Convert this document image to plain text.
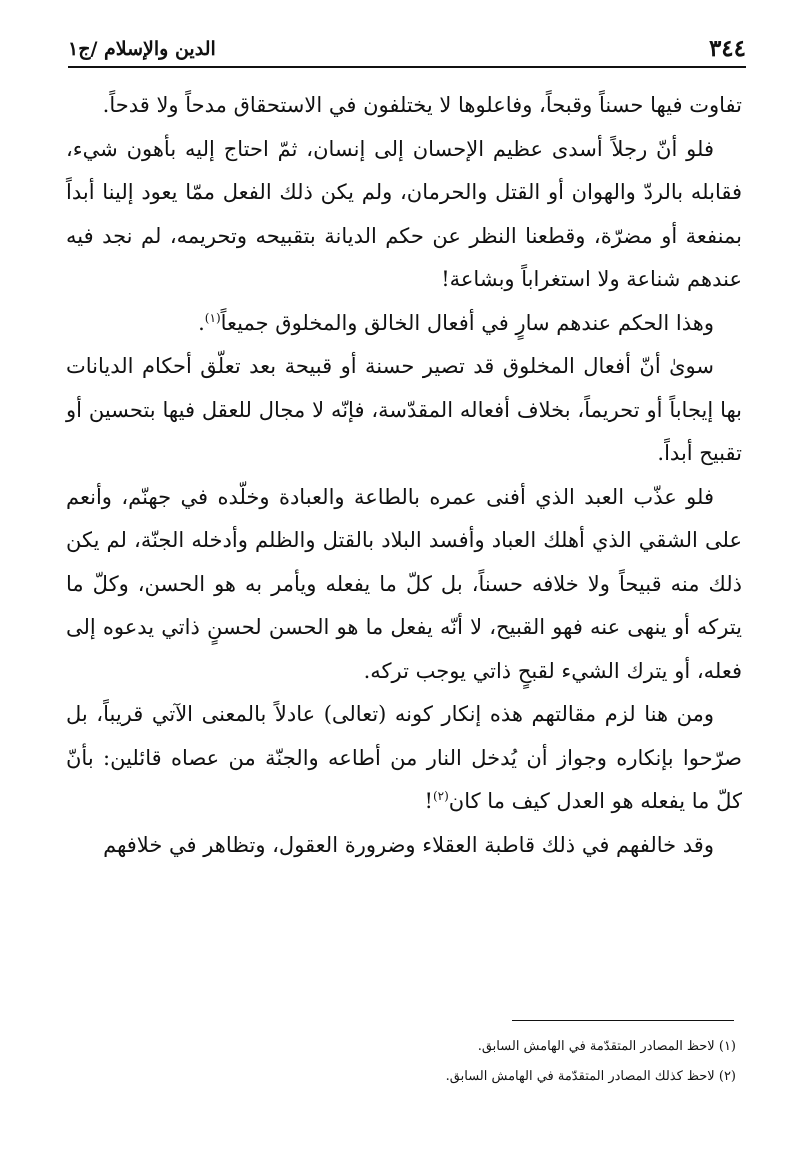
٣٤٤
الدين والإسلام /ج١

تفاوت فيها حسناً وقبحاً، وفاعلوها لا يختلفون في الاستحقاق مدحاً ولا قدحاً.

فلو أنّ رجلاً أسدى عظيم الإحسان إلى إنسان، ثمّ احتاج إليه بأهون شيء، فقابله بالردّ والهوان أو القتل والحرمان، ولم يكن ذلك الفعل ممّا يعود إلينا أبداً بمنفعة أو مضرّة، وقطعنا النظر عن حكم الديانة بتقبيحه وتحريمه، لم نجد فيه عندهم شناعة ولا استغراباً وبشاعة!

وهذا الحكم عندهم سارٍ في أفعال الخالق والمخلوق جميعاً$^{(١)}$.

سوىٰ أنّ أفعال المخلوق قد تصير حسنة أو قبيحة بعد تعلّق أحكام الديانات بها إيجاباً أو تحريماً، بخلاف أفعاله المقدّسة، فإنّه لا مجال للعقل فيها بتحسين أو تقبيح أبداً.

فلو عذّب العبد الذي أفنى عمره بالطاعة والعبادة وخلّده في جهنّم، وأنعم على الشقي الذي أهلك العباد وأفسد البلاد بالقتل والظلم وأدخله الجنّة، لم يكن ذلك منه قبيحاً ولا خلافه حسناً، بل كلّ ما يفعله ويأمر به هو الحسن، وكلّ ما يتركه أو ينهى عنه فهو القبيح، لا أنّه يفعل ما هو الحسن لحسنٍ ذاتي يدعوه إلى فعله، أو يترك الشيء لقبحٍ ذاتي يوجب تركه.

ومن هنا لزم مقالتهم هذه إنكار كونه (تعالى) عادلاً بالمعنى الآتي قريباً، بل صرّحوا بإنكاره وجواز أن يُدخل النار من أطاعه والجنّة من عصاه قائلين: بأنّ كلّ ما يفعله هو العدل كيف ما كان$^{(٢)}$!

وقد خالفهم في ذلك قاطبة العقلاء وضرورة العقول، وتظاهر في خلافهم

(١) لاحظ المصادر المتقدّمة في الهامش السابق.

(٢) لاحظ كذلك المصادر المتقدّمة في الهامش السابق.
